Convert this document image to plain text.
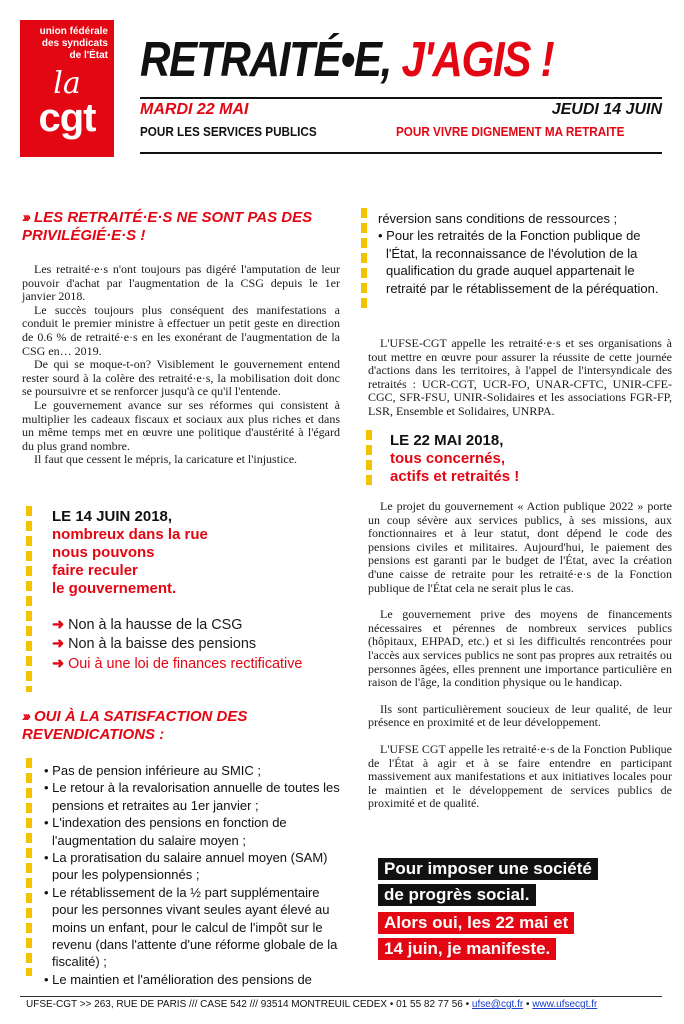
union fédérale
des syndicats
de l'État
la
cgt
RETRAITÉ•E, J'AGIS !
MARDI 22 MAI	JEUDI 14 JUIN
POUR LES SERVICES PUBLICS	POUR VIVRE DIGNEMENT MA RETRAITE
››› LES RETRAITÉ·E·S NE SONT PAS DES
PRIVILÉGIÉ·E·S !

Les retraité·e·s n'ont toujours pas digéré l'amputation de leur pouvoir d'achat par l'augmentation de la CSG depuis le 1er janvier 2018.

Le succès toujours plus conséquent des manifestations a conduit le premier ministre à effectuer un petit geste en direction de 0.6 % de retraité·e·s en les exonérant de l'augmentation de la CSG en… 2019.

De qui se moque-t-on? Visiblement le gouvernement entend rester sourd à la colère des retraité·e·s, la mobilisation doit donc se poursuivre et se renforcer jusqu'à ce qu'il l'entende.

Le gouvernement avance sur ses réformes qui consistent à multiplier les cadeaux fiscaux et sociaux aux plus riches et dans un même temps met en œuvre une politique d'austérité à l'égard du plus grand nombre.

Il faut que cessent le mépris, la caricature et l'injustice.

LE 14 JUIN 2018,
nombreux dans la rue
nous pouvons
faire reculer
le gouvernement.
➜ Non à la hausse de la CSG
➜ Non à la baisse des pensions
➜ Oui à une loi de finances rectificative
››› OUI À LA SATISFACTION DES
REVENDICATIONS :
• Pas de pension inférieure au SMIC ;
• Le retour à la revalorisation annuelle de toutes les pensions et retraites au 1er janvier ;
• L'indexation des pensions en fonction de l'augmentation du salaire moyen ;
• La proratisation du salaire annuel moyen (SAM) pour les polypensionnés ;
• Le rétablissement de la ½ part supplémentaire pour les personnes vivant seules ayant élevé au moins un enfant, pour le calcul de l'impôt sur le revenu (dans l'attente d'une réforme globale de la fiscalité) ;
• Le maintien et l'amélioration des pensions de
réversion sans conditions de ressources ;
• Pour les retraités de la Fonction publique de l'État, la reconnaissance de l'évolution de la qualification du grade auquel appartenait le retraité par le rétablissement de la péréquation.

L'UFSE-CGT appelle les retraité·e·s et ses organisations à tout mettre en œuvre pour assurer la réussite de cette journée d'actions dans les territoires, à l'appel de l'intersyndicale des retraités : UCR-CGT, UCR-FO, UNAR-CFTC, UNIR-CFE-CGC, SFR-FSU, UNIR-Solidaires et les associations FGR-FP, LSR, Ensemble et Solidaires, UNRPA.

LE 22 MAI 2018,
tous concernés,
actifs et retraités !

Le projet du gouvernement « Action publique 2022 » porte un coup sévère aux services publics, à ses missions, aux fonctionnaires et à leur statut, dont dépend le code des pensions civiles et militaires. Aujourd'hui, le paiement des pensions est garanti par le budget de l'État, avec la création d'une caisse de retraite pour les retraité·e·s de la Fonction publique de l'État cela ne serait plus le cas.

Le gouvernement prive des moyens de financements nécessaires et pérennes de nombreux services publics (hôpitaux, EHPAD, etc.) et si les difficultés rencontrées pour l'accès aux services publics ne sont pas propres aux retraités ou personnes âgées, elles prennent une importance particulière en raison de l'âge, la condition physique ou le handicap.

Ils sont particulièrement soucieux de leur qualité, de leur présence en proximité et de leur développement.

L'UFSE CGT appelle les retraité·e·s de la Fonction Publique de l'État à agir et à se faire entendre en participant massivement aux manifestations et aux initiatives locales pour le maintien et le développement de services publics de proximité et de qualité.

Pour imposer une société
de progrès social.
Alors oui, les 22 mai et
14 juin, je manifeste.
UFSE-CGT >> 263, RUE DE PARIS /// CASE 542 /// 93514 MONTREUIL CEDEX • 01 55 82 77 56 • ufse@cgt.fr • www.ufsecgt.fr
